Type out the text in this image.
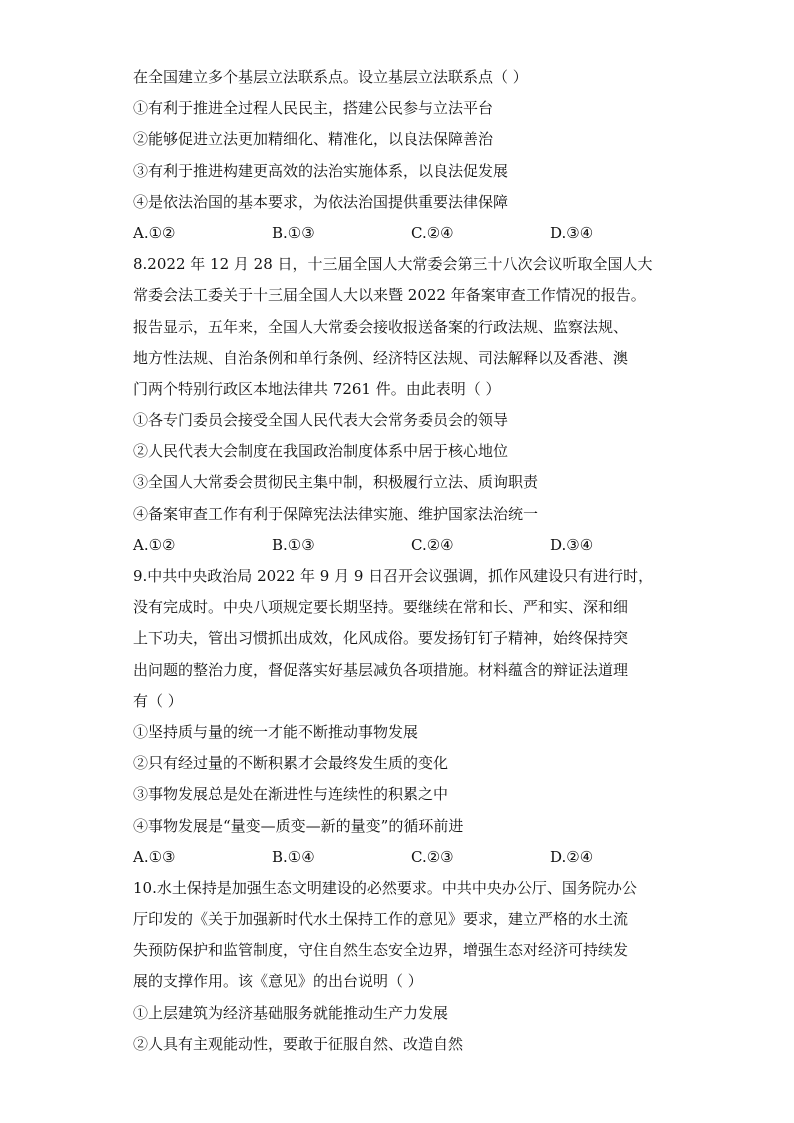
在全国建立多个基层立法联系点。设立基层立法联系点（ ）
①有利于推进全过程人民民主，搭建公民参与立法平台
②能够促进立法更加精细化、精准化，以良法保障善治
③有利于推进构建更高效的法治实施体系，以良法促发展
④是依法治国的基本要求，为依法治国提供重要法律保障
A.①②	B.①③	C.②④	D.③④
8.2022 年 12 月 28 日，十三届全国人大常委会第三十八次会议听取全国人大
常委会法工委关于十三届全国人大以来暨 2022 年备案审查工作情况的报告。
报告显示，五年来，全国人大常委会接收报送备案的行政法规、监察法规、
地方性法规、自治条例和单行条例、经济特区法规、司法解释以及香港、澳
门两个特别行政区本地法律共 7261 件。由此表明（ ）
①各专门委员会接受全国人民代表大会常务委员会的领导
②人民代表大会制度在我国政治制度体系中居于核心地位
③全国人大常委会贯彻民主集中制，积极履行立法、质询职责
④备案审查工作有利于保障宪法法律实施、维护国家法治统一
A.①②	B.①③	C.②④	D.③④
9.中共中央政治局 2022 年 9 月 9 日召开会议强调，抓作风建设只有进行时，
没有完成时。中央八项规定要长期坚持。要继续在常和长、严和实、深和细
上下功夫，管出习惯抓出成效，化风成俗。要发扬钉钉子精神，始终保持突
出问题的整治力度，督促落实好基层减负各项措施。材料蕴含的辩证法道理
有（ ）
①坚持质与量的统一才能不断推动事物发展
②只有经过量的不断积累才会最终发生质的变化
③事物发展总是处在渐进性与连续性的积累之中
④事物发展是“量变—质变—新的量变”的循环前进
A.①③	B.①④	C.②③	D.②④
10.水土保持是加强生态文明建设的必然要求。中共中央办公厅、国务院办公
厅印发的《关于加强新时代水土保持工作的意见》要求，建立严格的水土流
失预防保护和监管制度，守住自然生态安全边界，增强生态对经济可持续发
展的支撑作用。该《意见》的出台说明（ ）
①上层建筑为经济基础服务就能推动生产力发展
②人具有主观能动性，要敢于征服自然、改造自然
